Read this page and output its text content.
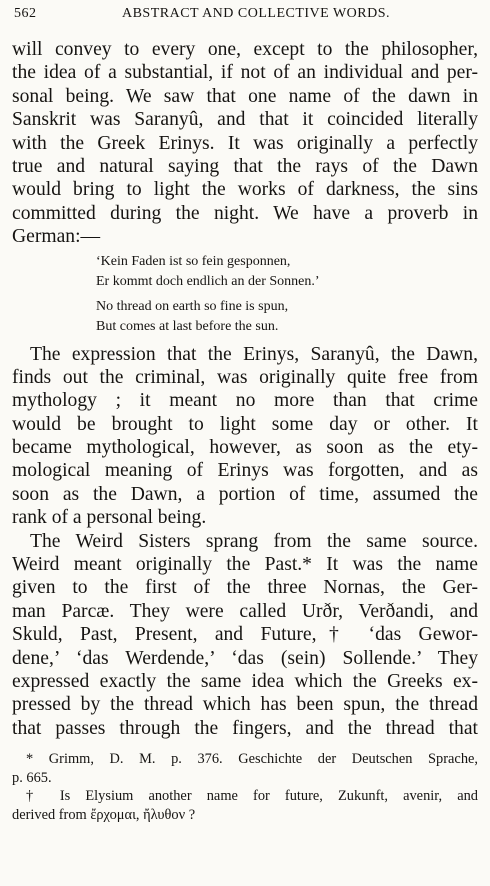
562	ABSTRACT AND COLLECTIVE WORDS.
will convey to every one, except to the philosopher,
the idea of a substantial, if not of an individual and per-
sonal being. We saw that one name of the dawn in
Sanskrit was Saranyû, and that it coincided literally
with the Greek Erinys. It was originally a perfectly
true and natural saying that the rays of the Dawn
would bring to light the works of darkness, the sins
committed during the night. We have a proverb in
German:—
‘Kein Faden ist so fein gesponnen,
Er kommt doch endlich an der Sonnen.’
No thread on earth so fine is spun,
But comes at last before the sun.
The expression that the Erinys, Saranyû, the Dawn,
finds out the criminal, was originally quite free from
mythology ; it meant no more than that crime
would be brought to light some day or other. It
became mythological, however, as soon as the ety-
mological meaning of Erinys was forgotten, and as
soon as the Dawn, a portion of time, assumed the
rank of a personal being.
The Weird Sisters sprang from the same source.
Weird meant originally the Past.* It was the name
given to the first of the three Nornas, the Ger-
man Parcæ. They were called Urðr, Verðandi, and
Skuld, Past, Present, and Future,† ‘das Gewor-
dene,’ ‘das Werdende,’ ‘das (sein) Sollende.’ They
expressed exactly the same idea which the Greeks ex-
pressed by the thread which has been spun, the thread
that passes through the fingers, and the thread that
* Grimm, D. M. p. 376. Geschichte der Deutschen Sprache,
p. 665.
† Is Elysium another name for future, Zukunft, avenir, and
derived from ἔρχομαι, ἤλυθον ?
